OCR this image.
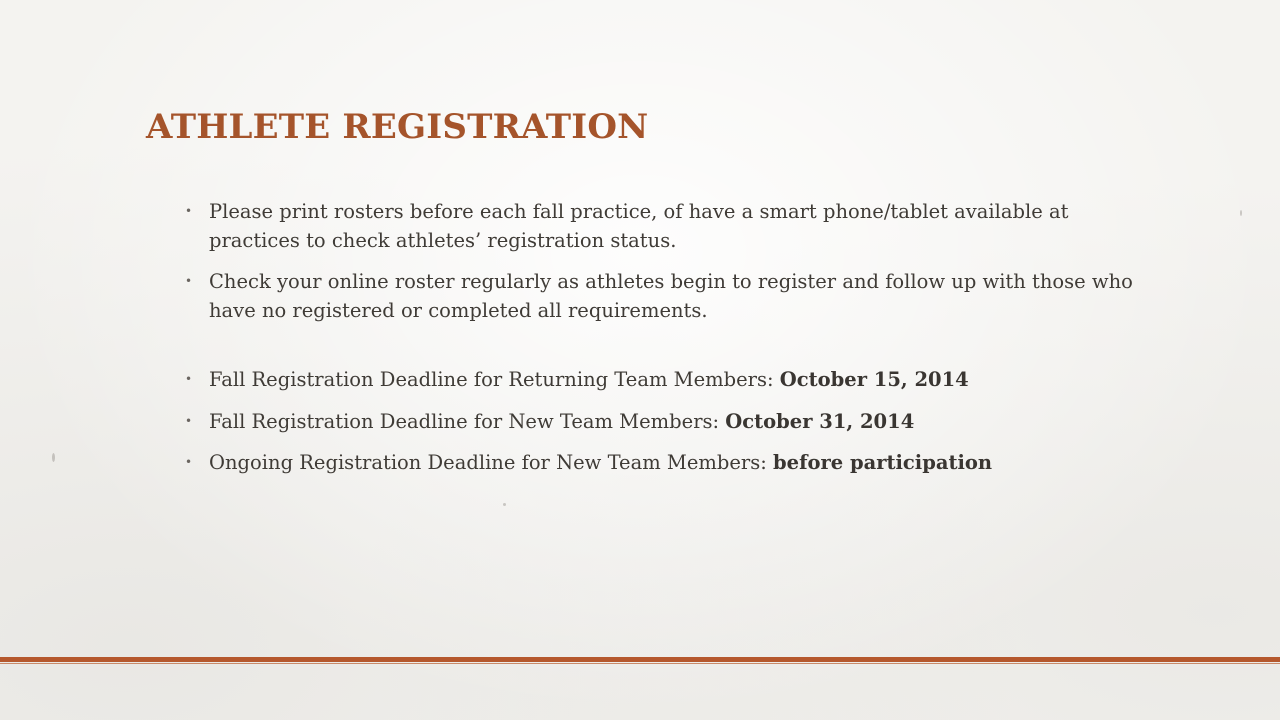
ATHLETE REGISTRATION
• Please print rosters before each fall practice, of have a smart phone/tablet available at practices to check athletes’ registration status.
• Check your online roster regularly as athletes begin to register and follow up with those who have no registered or completed all requirements.
• Fall Registration Deadline for Returning Team Members: October 15, 2014
• Fall Registration Deadline for New Team Members: October 31, 2014
• Ongoing Registration Deadline for New Team Members: before participation
